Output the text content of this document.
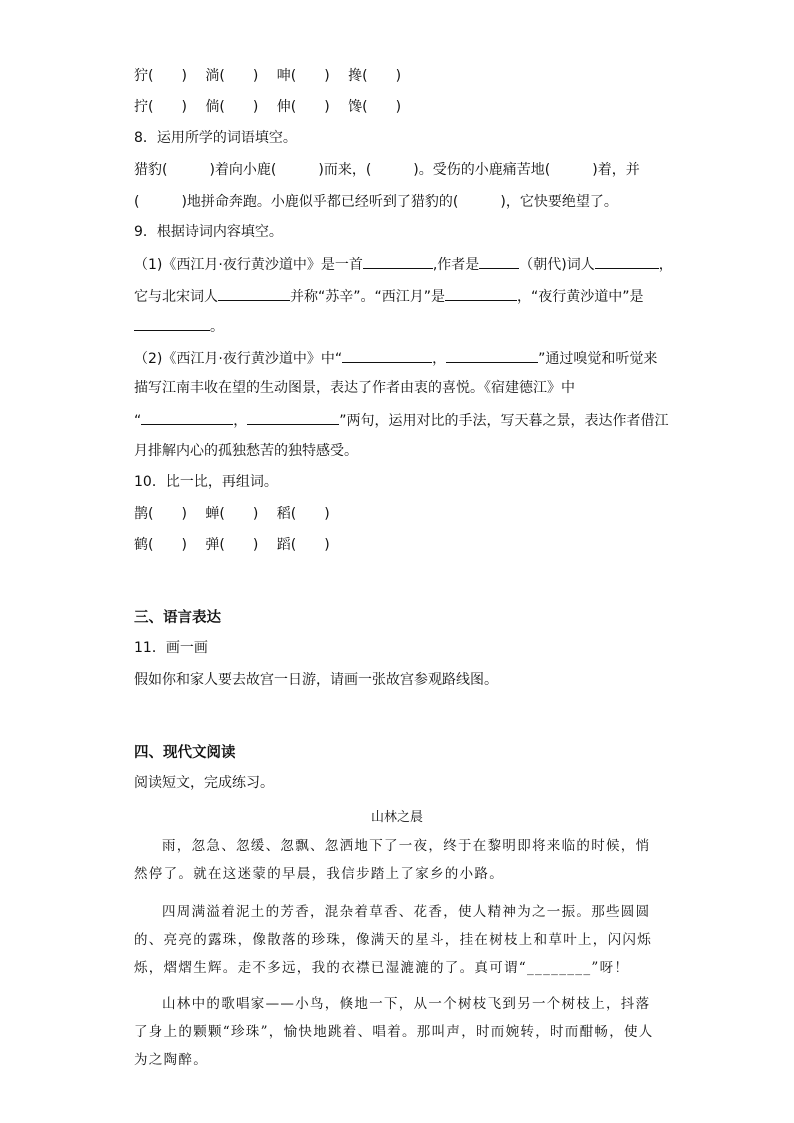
狞(　　) 淌(　　) 呻(　　) 搀(　　)
拧(　　) 倘(　　) 伸(　　) 馋(　　)
8．运用所学的词语填空。
猎豹(　　　)着向小鹿(　　　)而来，(　　　)。受伤的小鹿痛苦地(　　　)着，并
(　　　)地拼命奔跑。小鹿似乎都已经听到了猎豹的(　　　)，它快要绝望了。
9．根据诗词内容填空。
（1)《西江月·夜行黄沙道中》是一首	,作者是	（朝代)词人	，
它与北宋词人	并称“苏辛”。“西江月”是	，“夜行黄沙道中”是
。
（2)《西江月·夜行黄沙道中》中“	，	”通过嗅觉和听觉来
描写江南丰收在望的生动图景，表达了作者由衷的喜悦。《宿建德江》中
“	，	”两句，运用对比的手法，写天暮之景，表达作者借江
月排解内心的孤独愁苦的独特感受。
10．比一比，再组词。
鹊(　　) 蝉(　　) 稻(　　)
鹤(　　) 弹(　　) 蹈(　　)
三、语言表达
11．画一画
假如你和家人要去故宫一日游，请画一张故宫参观路线图。
四、现代文阅读
阅读短文，完成练习。
山林之晨
雨，忽急、忽缓、忽飘、忽洒地下了一夜，终于在黎明即将来临的时候，悄然停了。就在这迷蒙的早晨，我信步踏上了家乡的小路。
四周满溢着泥土的芳香，混杂着草香、花香，使人精神为之一振。那些圆圆的、亮亮的露珠，像散落的珍珠，像满天的星斗，挂在树枝上和草叶上，闪闪烁烁，熠熠生辉。走不多远，我的衣襟已湿漉漉的了。真可谓“________”呀！
山林中的歌唱家——小鸟，倏地一下，从一个树枝飞到另一个树枝上，抖落了身上的颗颗“珍珠”，愉快地跳着、唱着。那叫声，时而婉转，时而酣畅，使人为之陶醉。
